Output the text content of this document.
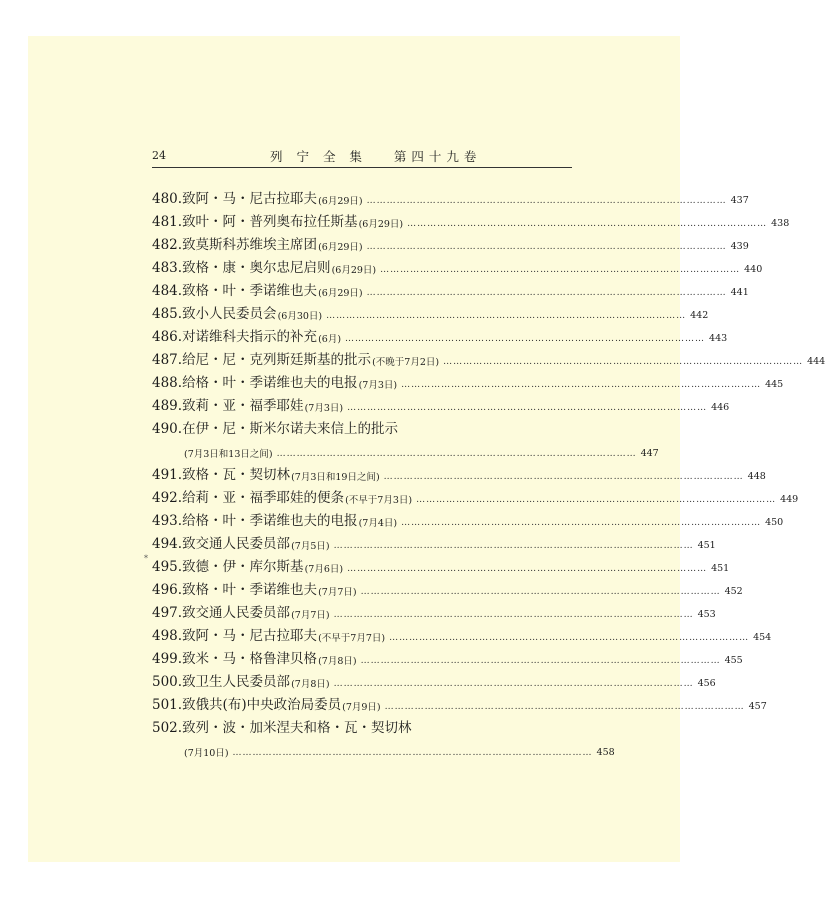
24	列 宁 全 集   第四十九卷
480. 致阿・马・尼古拉耶夫 (6月29日) ……………………………………………………………………………………………… 437
481. 致叶・阿・普列奥布拉任斯基 (6月29日) ……………………………………………………………………………………………… 438
482. 致莫斯科苏维埃主席团 (6月29日) ……………………………………………………………………………………………… 439
483. 致格・康・奥尔忠尼启则 (6月29日) ……………………………………………………………………………………………… 440
484. 致格・叶・季诺维也夫 (6月29日) ……………………………………………………………………………………………… 441
485. 致小人民委员会 (6月30日) ……………………………………………………………………………………………… 442
486. 对诺维科夫指示的补充 (6月) ……………………………………………………………………………………………… 443
487. 给尼・尼・克列斯廷斯基的批示 (不晚于7月2日) ……………………………………………………………………………………………… 444
488. 给格・叶・季诺维也夫的电报 (7月3日) ……………………………………………………………………………………………… 445
489. 致莉・亚・福季耶娃 (7月3日) ……………………………………………………………………………………………… 446
490. 在伊・尼・斯米尔诺夫来信上的批示
(7月3日和13日之间) ……………………………………………………………………………………………… 447
491. 致格・瓦・契切林 (7月3日和19日之间) ……………………………………………………………………………………………… 448
492. 给莉・亚・福季耶娃的便条 (不早于7月3日) ……………………………………………………………………………………………… 449
493. 给格・叶・季诺维也夫的电报 (7月4日) ……………………………………………………………………………………………… 450
494. 致交通人民委员部 (7月5日) ……………………………………………………………………………………………… 451
*
495. 致德・伊・库尔斯基 (7月6日) ……………………………………………………………………………………………… 451
496. 致格・叶・季诺维也夫 (7月7日) ……………………………………………………………………………………………… 452
497. 致交通人民委员部 (7月7日) ……………………………………………………………………………………………… 453
498. 致阿・马・尼古拉耶夫 (不早于7月7日) ……………………………………………………………………………………………… 454
499. 致米・马・格鲁津贝格 (7月8日) ……………………………………………………………………………………………… 455
500. 致卫生人民委员部 (7月8日) ……………………………………………………………………………………………… 456
501. 致俄共(布)中央政治局委员 (7月9日) ……………………………………………………………………………………………… 457
502. 致列・波・加米涅夫和格・瓦・契切林
(7月10日) ……………………………………………………………………………………………… 458
